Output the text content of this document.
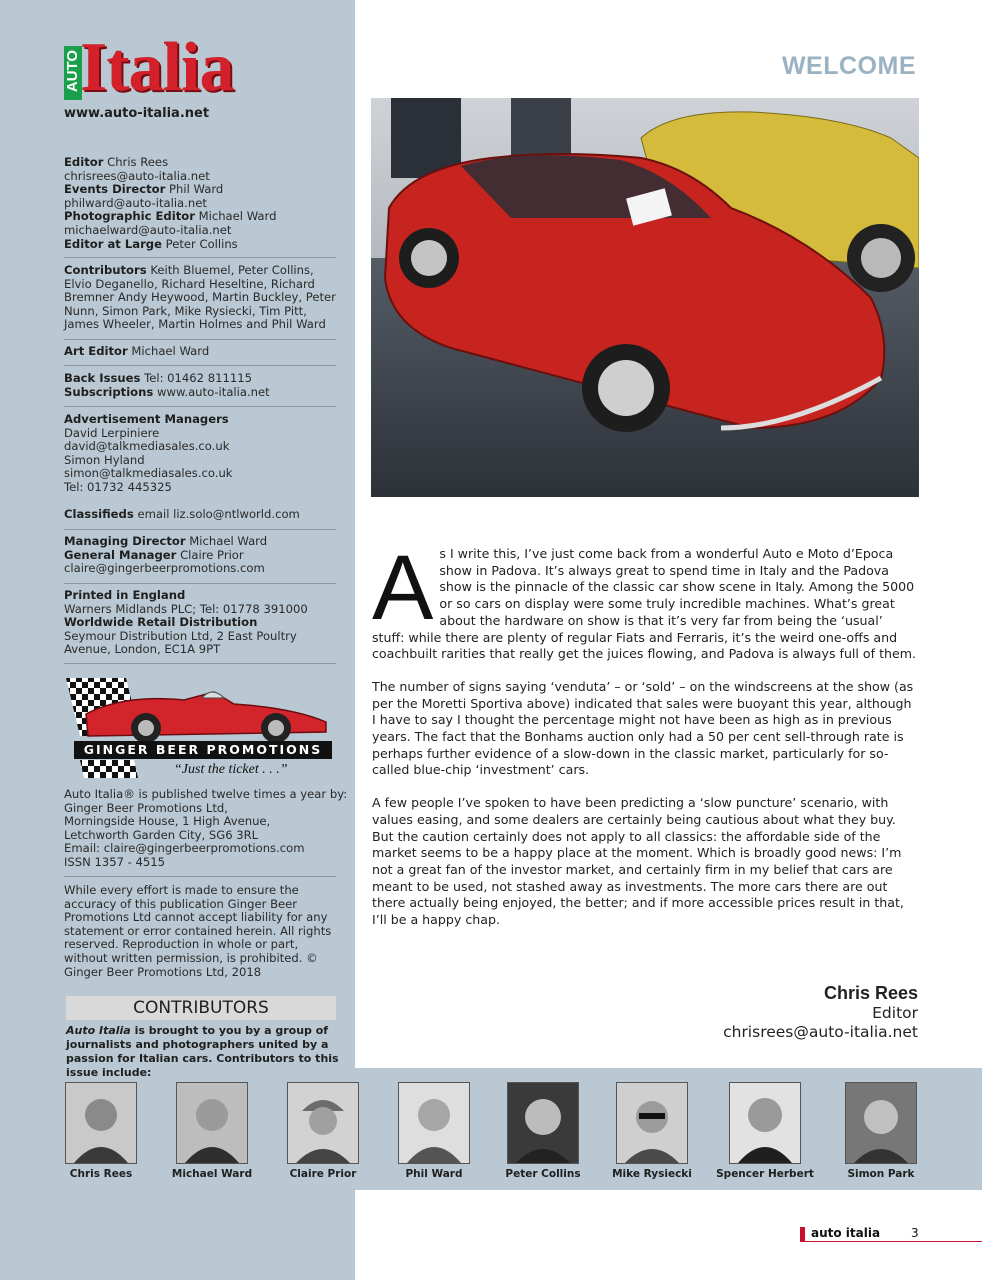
AUTO Italia
www.auto-italia.net
Editor Chris Rees
chrisrees@auto-italia.net
Events Director Phil Ward
philward@auto-italia.net
Photographic Editor Michael Ward
michaelward@auto-italia.net
Editor at Large Peter Collins
Contributors Keith Bluemel, Peter Collins, Elvio Deganello, Richard Heseltine, Richard Bremner Andy Heywood, Martin Buckley, Peter Nunn, Simon Park, Mike Rysiecki, Tim Pitt, James Wheeler, Martin Holmes and Phil Ward
Art Editor Michael Ward
Back Issues Tel: 01462 811115
Subscriptions www.auto-italia.net
Advertisement Managers
David Lerpiniere
david@talkmediasales.co.uk
Simon Hyland
simon@talkmediasales.co.uk
Tel: 01732 445325
Classifieds email liz.solo@ntlworld.com
Managing Director Michael Ward
General Manager Claire Prior
claire@gingerbeerpromotions.com
Printed in England
Warners Midlands PLC; Tel: 01778 391000
Worldwide Retail Distribution
Seymour Distribution Ltd, 2 East Poultry Avenue, London, EC1A 9PT
GINGER BEER PROMOTIONS
“Just the ticket . . .”
Auto Italia® is published twelve times a year by:
Ginger Beer Promotions Ltd,
Morningside House, 1 High Avenue,
Letchworth Garden City, SG6 3RL
Email: claire@gingerbeerpromotions.com
ISSN 1357 - 4515
While every effort is made to ensure the accuracy of this publication Ginger Beer Promotions Ltd cannot accept liability for any statement or error contained herein. All rights reserved. Reproduction in whole or part, without written permission, is prohibited. © Ginger Beer Promotions Ltd, 2018
CONTRIBUTORS
Auto Italia is brought to you by a group of journalists and photographers united by a passion for Italian cars. Contributors to this issue include:
WELCOME

As I write this, I’ve just come back from a wonderful Auto e Moto d’Epoca show in Padova. It’s always great to spend time in Italy and the Padova show is the pinnacle of the classic car show scene in Italy. Among the 5000 or so cars on display were some truly incredible machines. What’s great about the hardware on show is that it’s very far from being the ‘usual’ stuff: while there are plenty of regular Fiats and Ferraris, it’s the weird one-offs and coachbuilt rarities that really get the juices flowing, and Padova is always full of them.

The number of signs saying ‘venduta’ – or ‘sold’ – on the windscreens at the show (as per the Moretti Sportiva above) indicated that sales were buoyant this year, although I have to say I thought the percentage might not have been as high as in previous years. The fact that the Bonhams auction only had a 50 per cent sell-through rate is perhaps further evidence of a slow-down in the classic market, particularly for so-called blue-chip ‘investment’ cars.

A few people I’ve spoken to have been predicting a ‘slow puncture’ scenario, with values easing, and some dealers are certainly being cautious about what they buy. But the caution certainly does not apply to all classics: the affordable side of the market seems to be a happy place at the moment. Which is broadly good news: I’m not a great fan of the investor market, and certainly firm in my belief that cars are meant to be used, not stashed away as investments. The more cars there are out there actually being enjoyed, the better; and if more accessible prices result in that, I’ll be a happy chap.

Chris Rees
Editor
chrisrees@auto-italia.net
Chris Rees	Michael Ward	Claire Prior	Phil Ward	Peter Collins	Mike Rysiecki	Spencer Herbert	Simon Park
auto italia	3
